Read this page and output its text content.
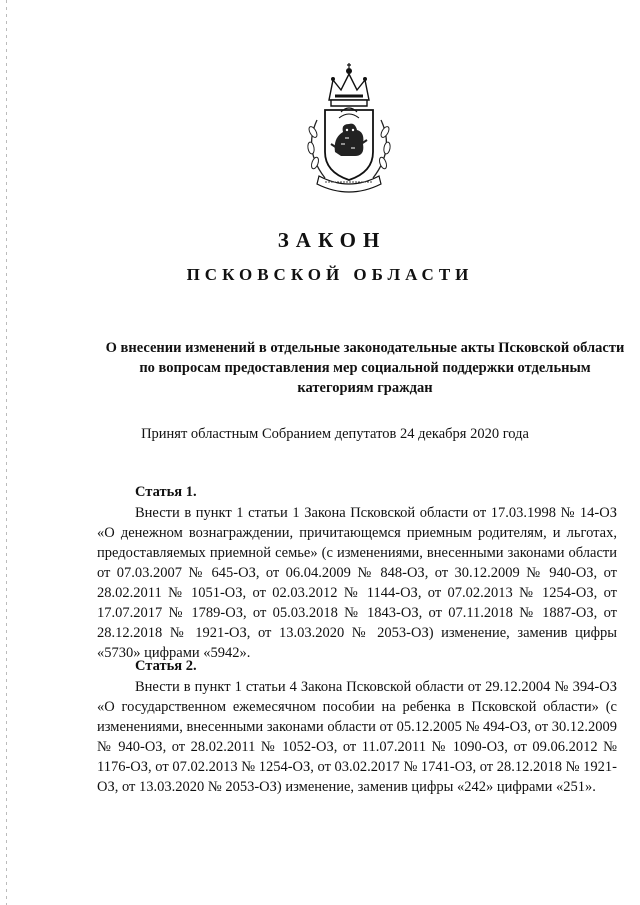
ЗАКОН
ПСКОВСКОЙ ОБЛАСТИ
О внесении изменений в отдельные законодательные акты Псковской области по вопросам предоставления мер социальной поддержки отдельным категориям граждан
Принят областным Собранием депутатов 24 декабря 2020 года
Статья 1.

Внести в пункт 1 статьи 1 Закона Псковской области от 17.03.1998 № 14-ОЗ «О денежном вознаграждении, причитающемся приемным родителям, и льготах, предоставляемых приемной семье» (с изменениями, внесенными законами области от 07.03.2007 № 645-ОЗ, от 06.04.2009 № 848-ОЗ, от 30.12.2009 № 940-ОЗ, от 28.02.2011 № 1051-ОЗ, от 02.03.2012 № 1144-ОЗ, от 07.02.2013 № 1254-ОЗ, от 17.07.2017 № 1789-ОЗ, от 05.03.2018 № 1843-ОЗ, от 07.11.2018 № 1887-ОЗ, от 28.12.2018 № 1921-ОЗ, от 13.03.2020 № 2053-ОЗ) изменение, заменив цифры «5730» цифрами «5942».

Статья 2.

Внести в пункт 1 статьи 4 Закона Псковской области от 29.12.2004 № 394-ОЗ «О государственном ежемесячном пособии на ребенка в Псковской области» (с изменениями, внесенными законами области от 05.12.2005 № 494-ОЗ, от 30.12.2009 № 940-ОЗ, от 28.02.2011 № 1052-ОЗ, от 11.07.2011 № 1090-ОЗ, от 09.06.2012 № 1176-ОЗ, от 07.02.2013 № 1254-ОЗ, от 03.02.2017 № 1741-ОЗ, от 28.12.2018 № 1921-ОЗ, от 13.03.2020 № 2053-ОЗ) изменение, заменив цифры «242» цифрами «251».
